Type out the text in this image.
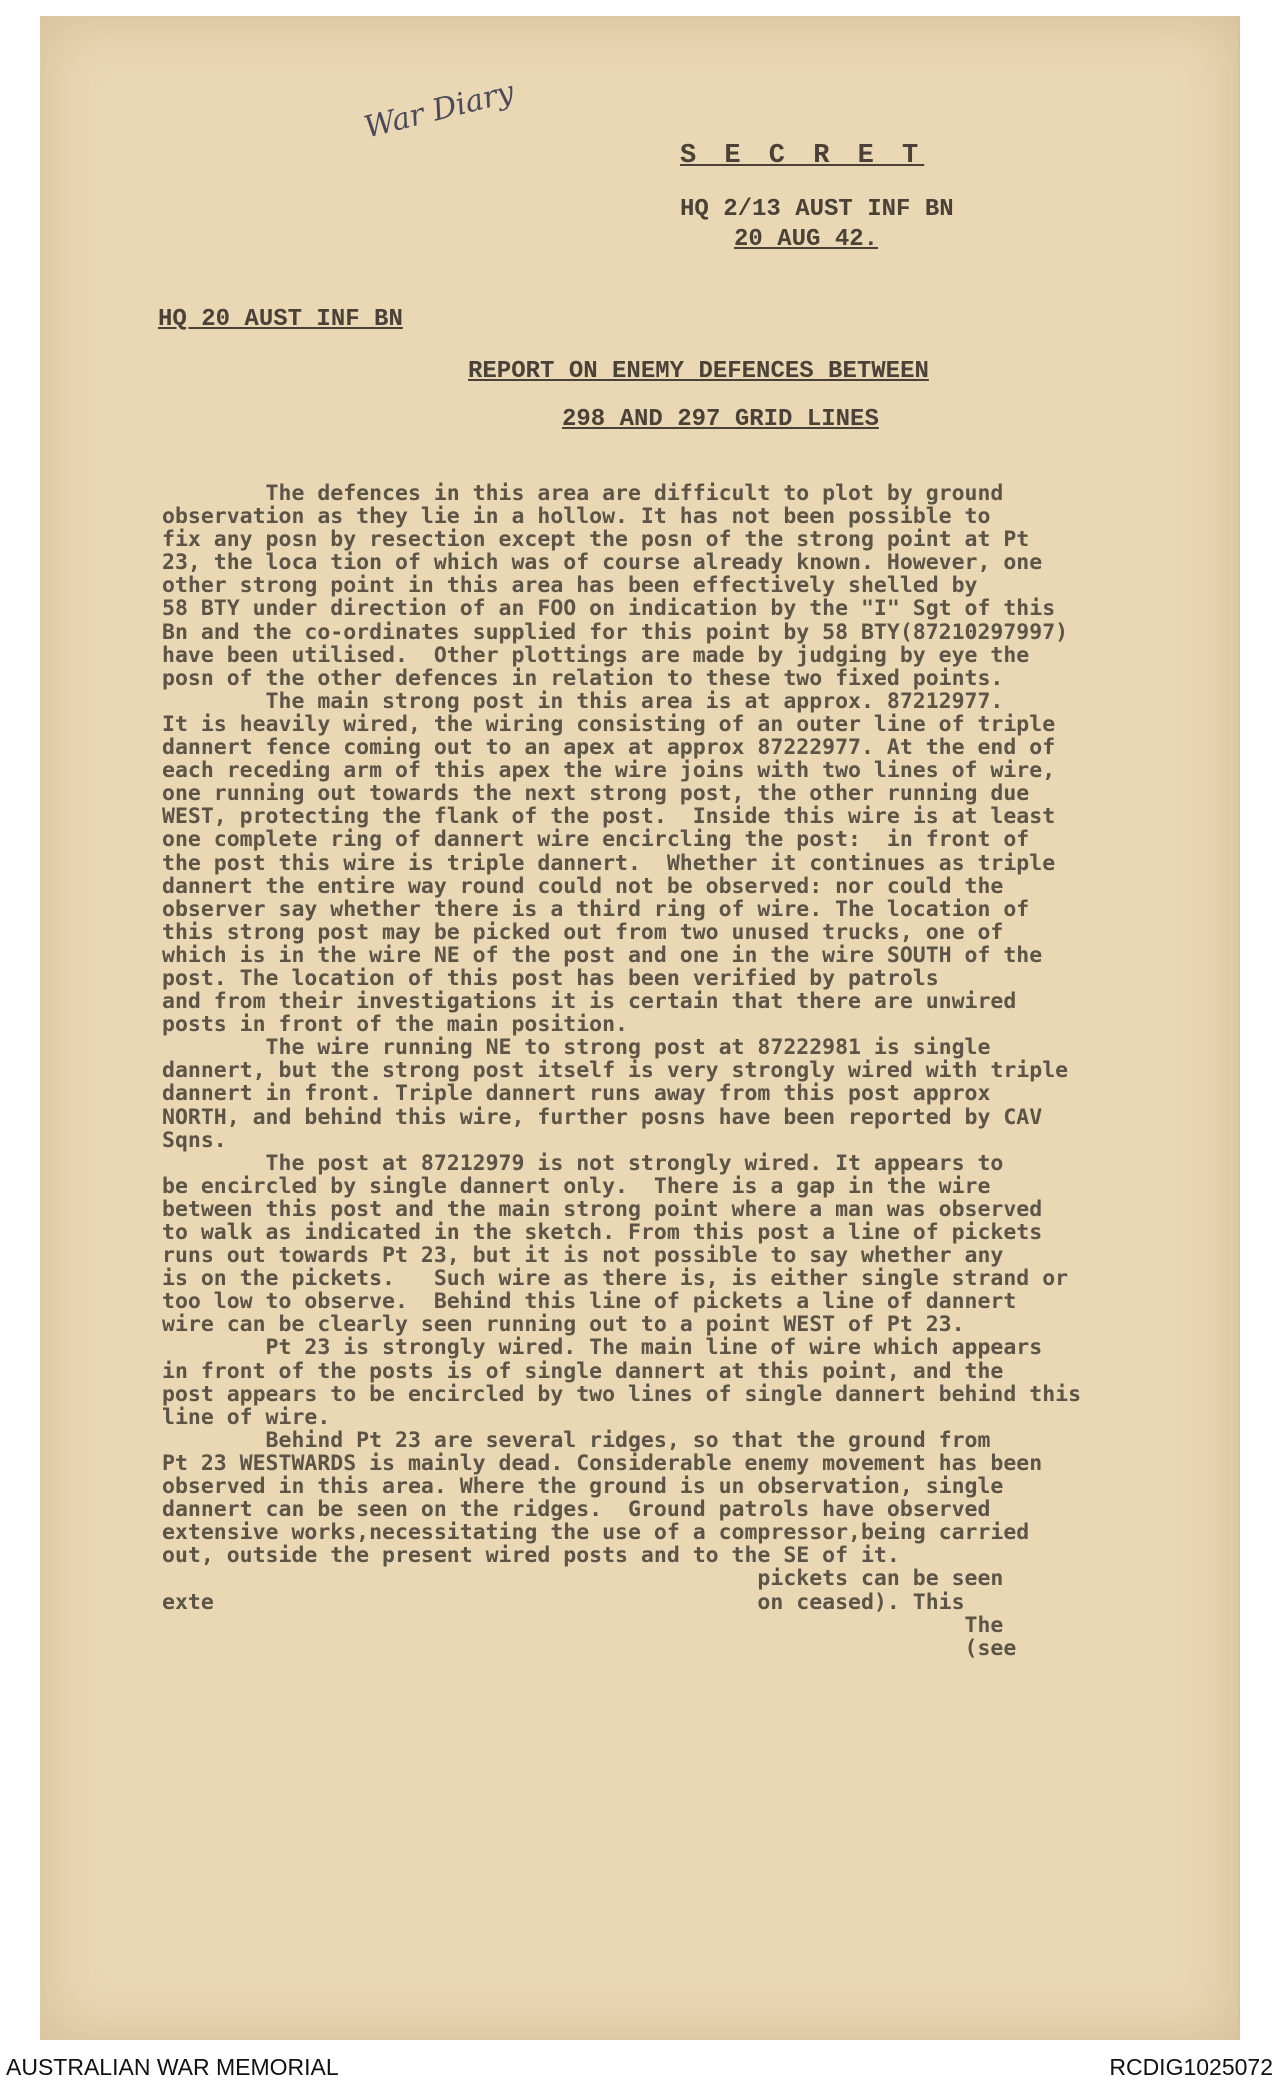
War Diary
S E C R E T
HQ 2/13 AUST INF BN
20 AUG 42.
HQ 20 AUST INF BN
REPORT ON ENEMY DEFENCES BETWEEN
298 AND 297 GRID LINES
The defences in this area are difficult to plot by ground
observation as they lie in a hollow. It has not been possible to
fix any posn by resection except the posn of the strong point at Pt
23, the loca tion of which was of course already known. However, one
other strong point in this area has been effectively shelled by
58 BTY under direction of an FOO on indication by the "I" Sgt of this
Bn and the co-ordinates supplied for this point by 58 BTY(87210297997)
have been utilised.  Other plottings are made by judging by eye the
posn of the other defences in relation to these two fixed points.
The main strong post in this area is at approx. 87212977.
It is heavily wired, the wiring consisting of an outer line of triple
dannert fence coming out to an apex at approx 87222977. At the end of
each receding arm of this apex the wire joins with two lines of wire,
one running out towards the next strong post, the other running due
WEST, protecting the flank of the post.  Inside this wire is at least
one complete ring of dannert wire encircling the post:  in front of
the post this wire is triple dannert.  Whether it continues as triple
dannert the entire way round could not be observed: nor could the
observer say whether there is a third ring of wire. The location of
this strong post may be picked out from two unused trucks, one of
which is in the wire NE of the post and one in the wire SOUTH of the
post. The location of this post has been verified by patrols
and from their investigations it is certain that there are unwired
posts in front of the main position.
The wire running NE to strong post at 87222981 is single
dannert, but the strong post itself is very strongly wired with triple
dannert in front. Triple dannert runs away from this post approx
NORTH, and behind this wire, further posns have been reported by CAV
Sqns.
The post at 87212979 is not strongly wired. It appears to
be encircled by single dannert only.  There is a gap in the wire
between this post and the main strong point where a man was observed
to walk as indicated in the sketch. From this post a line of pickets
runs out towards Pt 23, but it is not possible to say whether any
is on the pickets.   Such wire as there is, is either single strand or
too low to observe.  Behind this line of pickets a line of dannert
wire can be clearly seen running out to a point WEST of Pt 23.
Pt 23 is strongly wired. The main line of wire which appears
in front of the posts is of single dannert at this point, and the
post appears to be encircled by two lines of single dannert behind this
line of wire.
Behind Pt 23 are several ridges, so that the ground from
Pt 23 WESTWARDS is mainly dead. Considerable enemy movement has been
observed in this area. Where the ground is un observation, single
dannert can be seen on the ridges.  Ground patrols have observed
extensive works,necessitating the use of a compressor,being carried
out, outside the present wired posts and to the SE of it.
pickets can be seen
exte                                          on ceased). This
The
(see
AUSTRALIAN WAR MEMORIAL	RCDIG1025072
